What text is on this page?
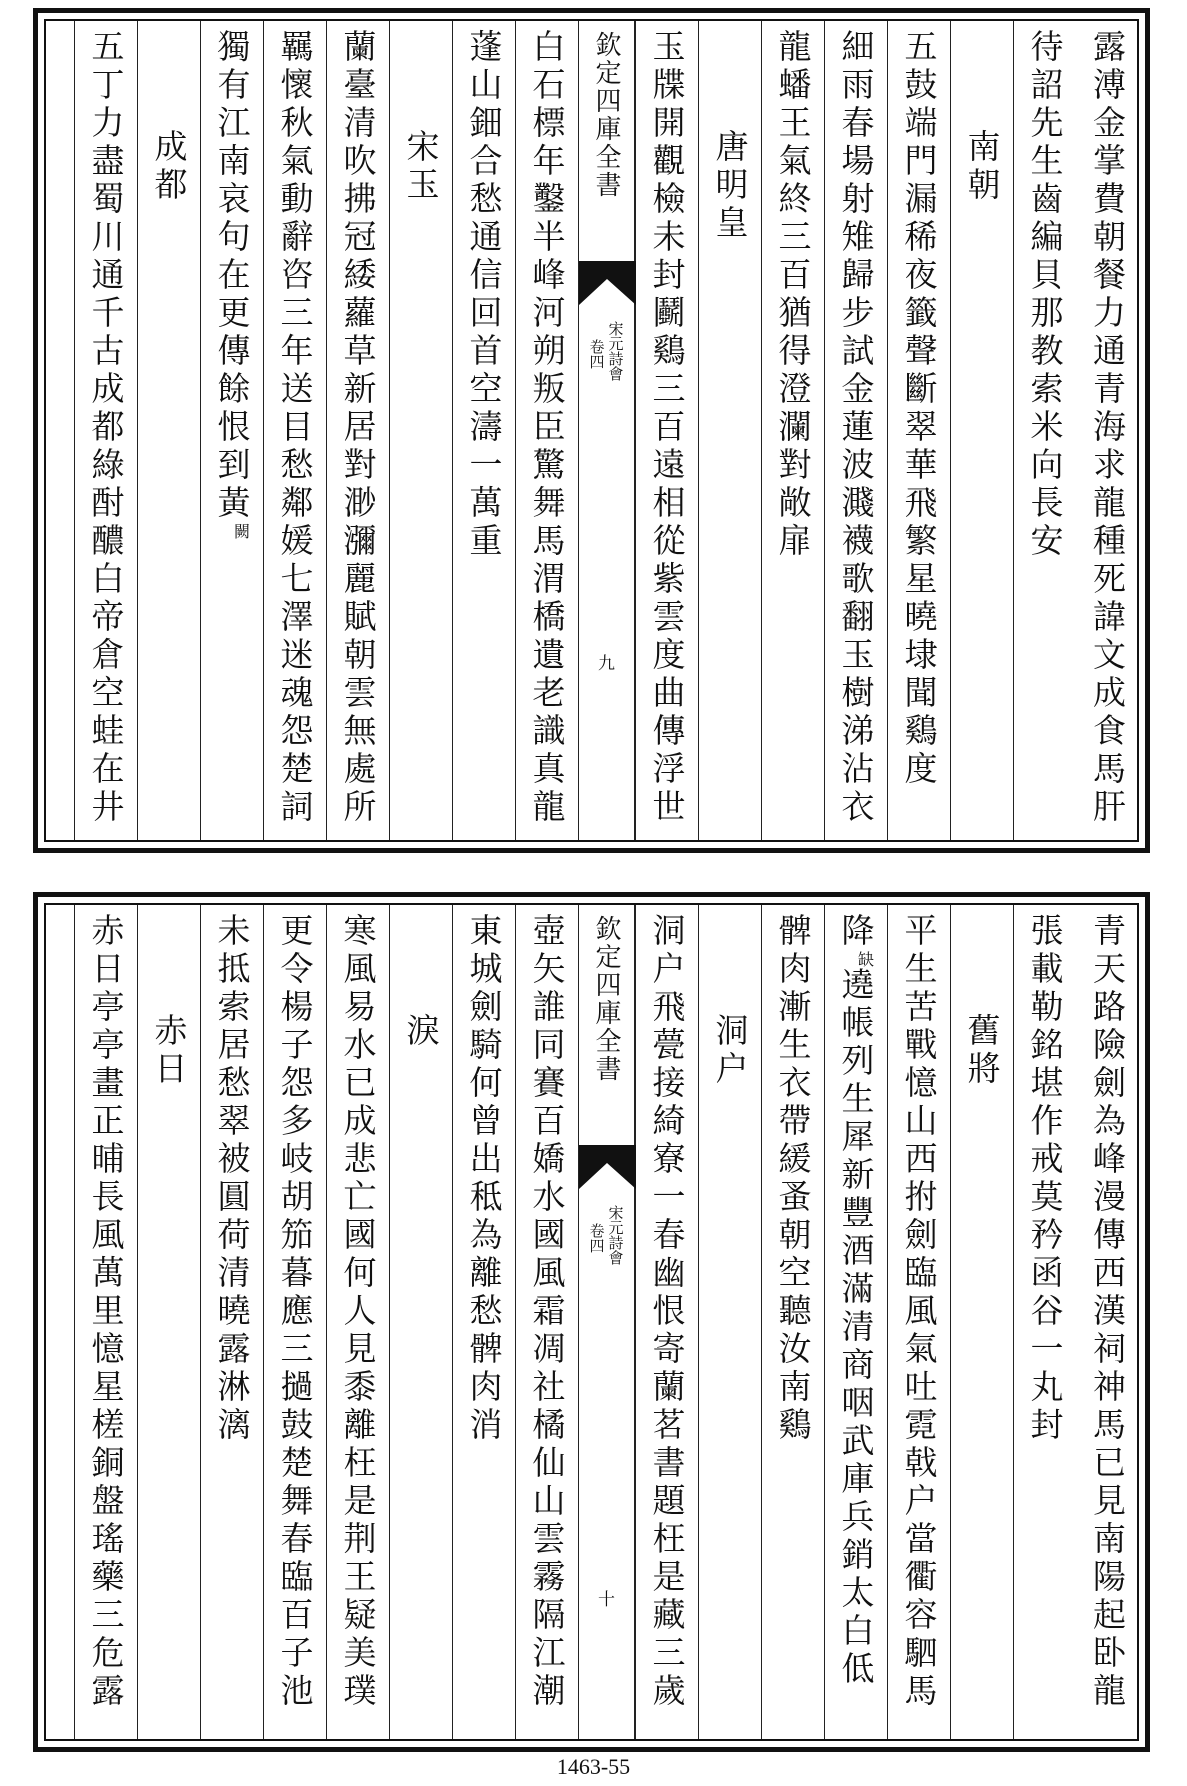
露溥金掌費朝餐力通青海求龍種死諱文成食馬肝
待詔先生齒編貝那教索米向長安
南朝
五鼓端門漏稀夜籤聲斷翠華飛繁星曉埭聞鷄度
細雨春場射雉歸步試金蓮波濺襪歌翻玉樹涕沾衣
龍蟠王氣終三百猶得澄瀾對敞扉
唐明皇
玉牒開觀檢未封鬬鷄三百遠相從紫雲度曲傳浮世
欽定四庫全書
宋元詩會
卷四
九
白石標年鑿半峰河朔叛臣驚舞馬渭橋遺老識真龍
蓬山鈿合愁通信回首空濤一萬重
宋玉
蘭臺清吹拂冠緌蘿草新居對渺瀰麗賦朝雲無處所
羈懷秋氣動辭咨三年送目愁鄰媛七澤迷魂怨楚詞
獨有江南哀句在更傳餘恨到黃闕
成都
五丁力盡蜀川通千古成都綠酎醲白帝倉空蛙在井
青天路險劍為峰漫傳西漢祠神馬已見南陽起卧龍
張載勒銘堪作戒莫矜函谷一丸封
舊將
平生苦戰憶山西拊劍臨風氣吐霓戟户當衢容駟馬
降缺遶帳列生犀新豐酒滿清商咽武庫兵銷太白低
髀肉漸生衣帶緩蚤朝空聽汝南鷄
洞户
洞户飛甍接綺寮一春幽恨寄蘭茗書題枉是藏三歲
欽定四庫全書
宋元詩會
卷四
十
壺矢誰同賽百嬌水國風霜凋社橘仙山雲霧隔江潮
東城劍騎何曾出秪為離愁髀肉消
淚
寒風易水已成悲亡國何人見黍離枉是荆王疑美璞
更令楊子怨多岐胡笳暮應三撾鼓楚舞春臨百子池
未抵索居愁翠被圓荷清曉露淋漓
赤日
赤日亭亭畫正晡長風萬里憶星槎銅盤瑤藥三危露
1463-55
